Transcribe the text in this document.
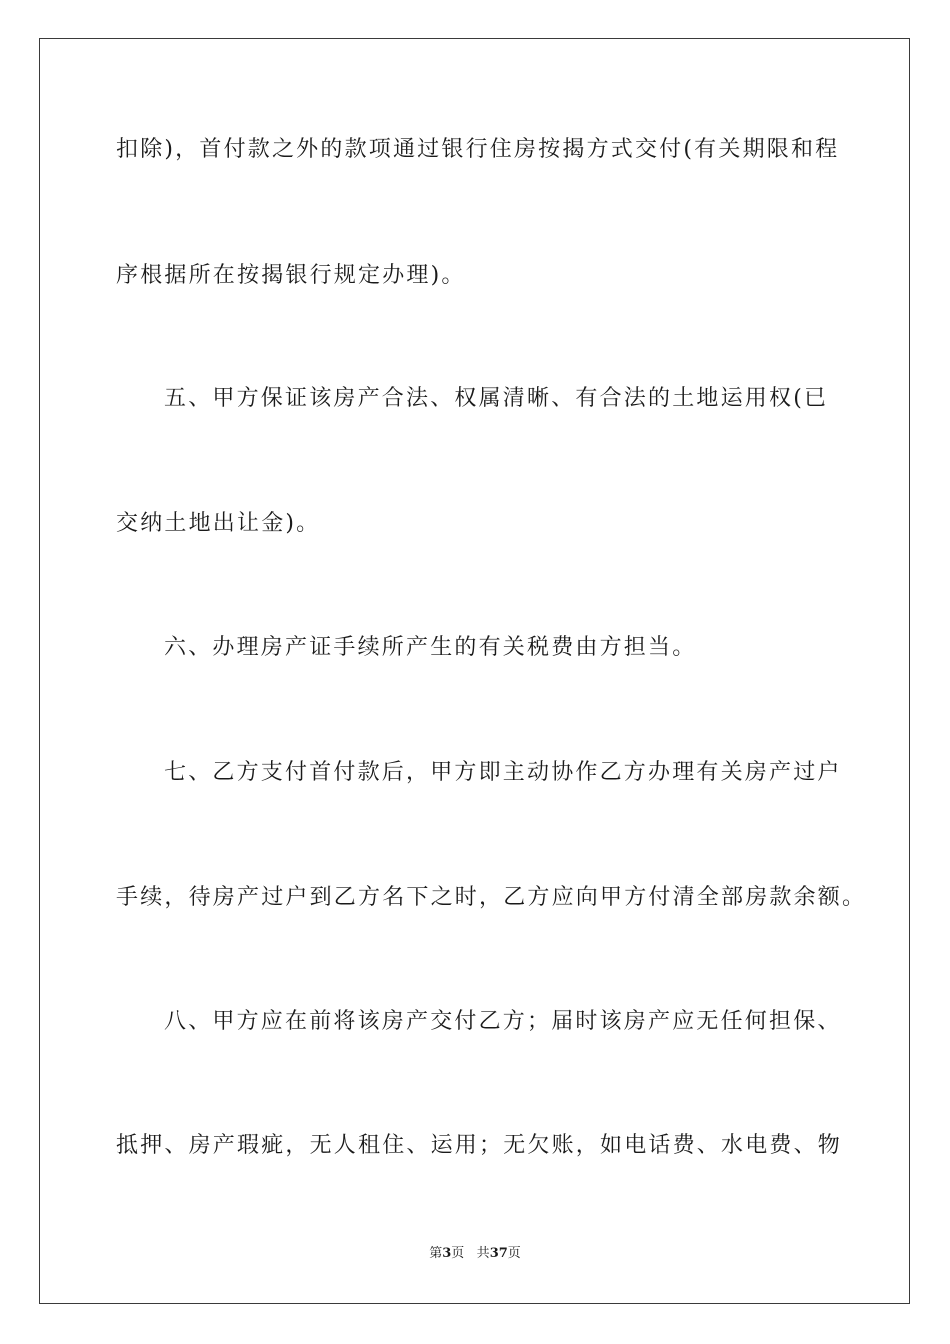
扣除)，首付款之外的款项通过银行住房按揭方式交付(有关期限和程
序根据所在按揭银行规定办理)。
五、甲方保证该房产合法、权属清晰、有合法的土地运用权(已
交纳土地出让金)。
六、办理房产证手续所产生的有关税费由方担当。
七、乙方支付首付款后，甲方即主动协作乙方办理有关房产过户
手续，待房产过户到乙方名下之时，乙方应向甲方付清全部房款余额。
八、甲方应在前将该房产交付乙方；届时该房产应无任何担保、
抵押、房产瑕疵，无人租住、运用；无欠账，如电话费、水电费、物
第3页 共37页
